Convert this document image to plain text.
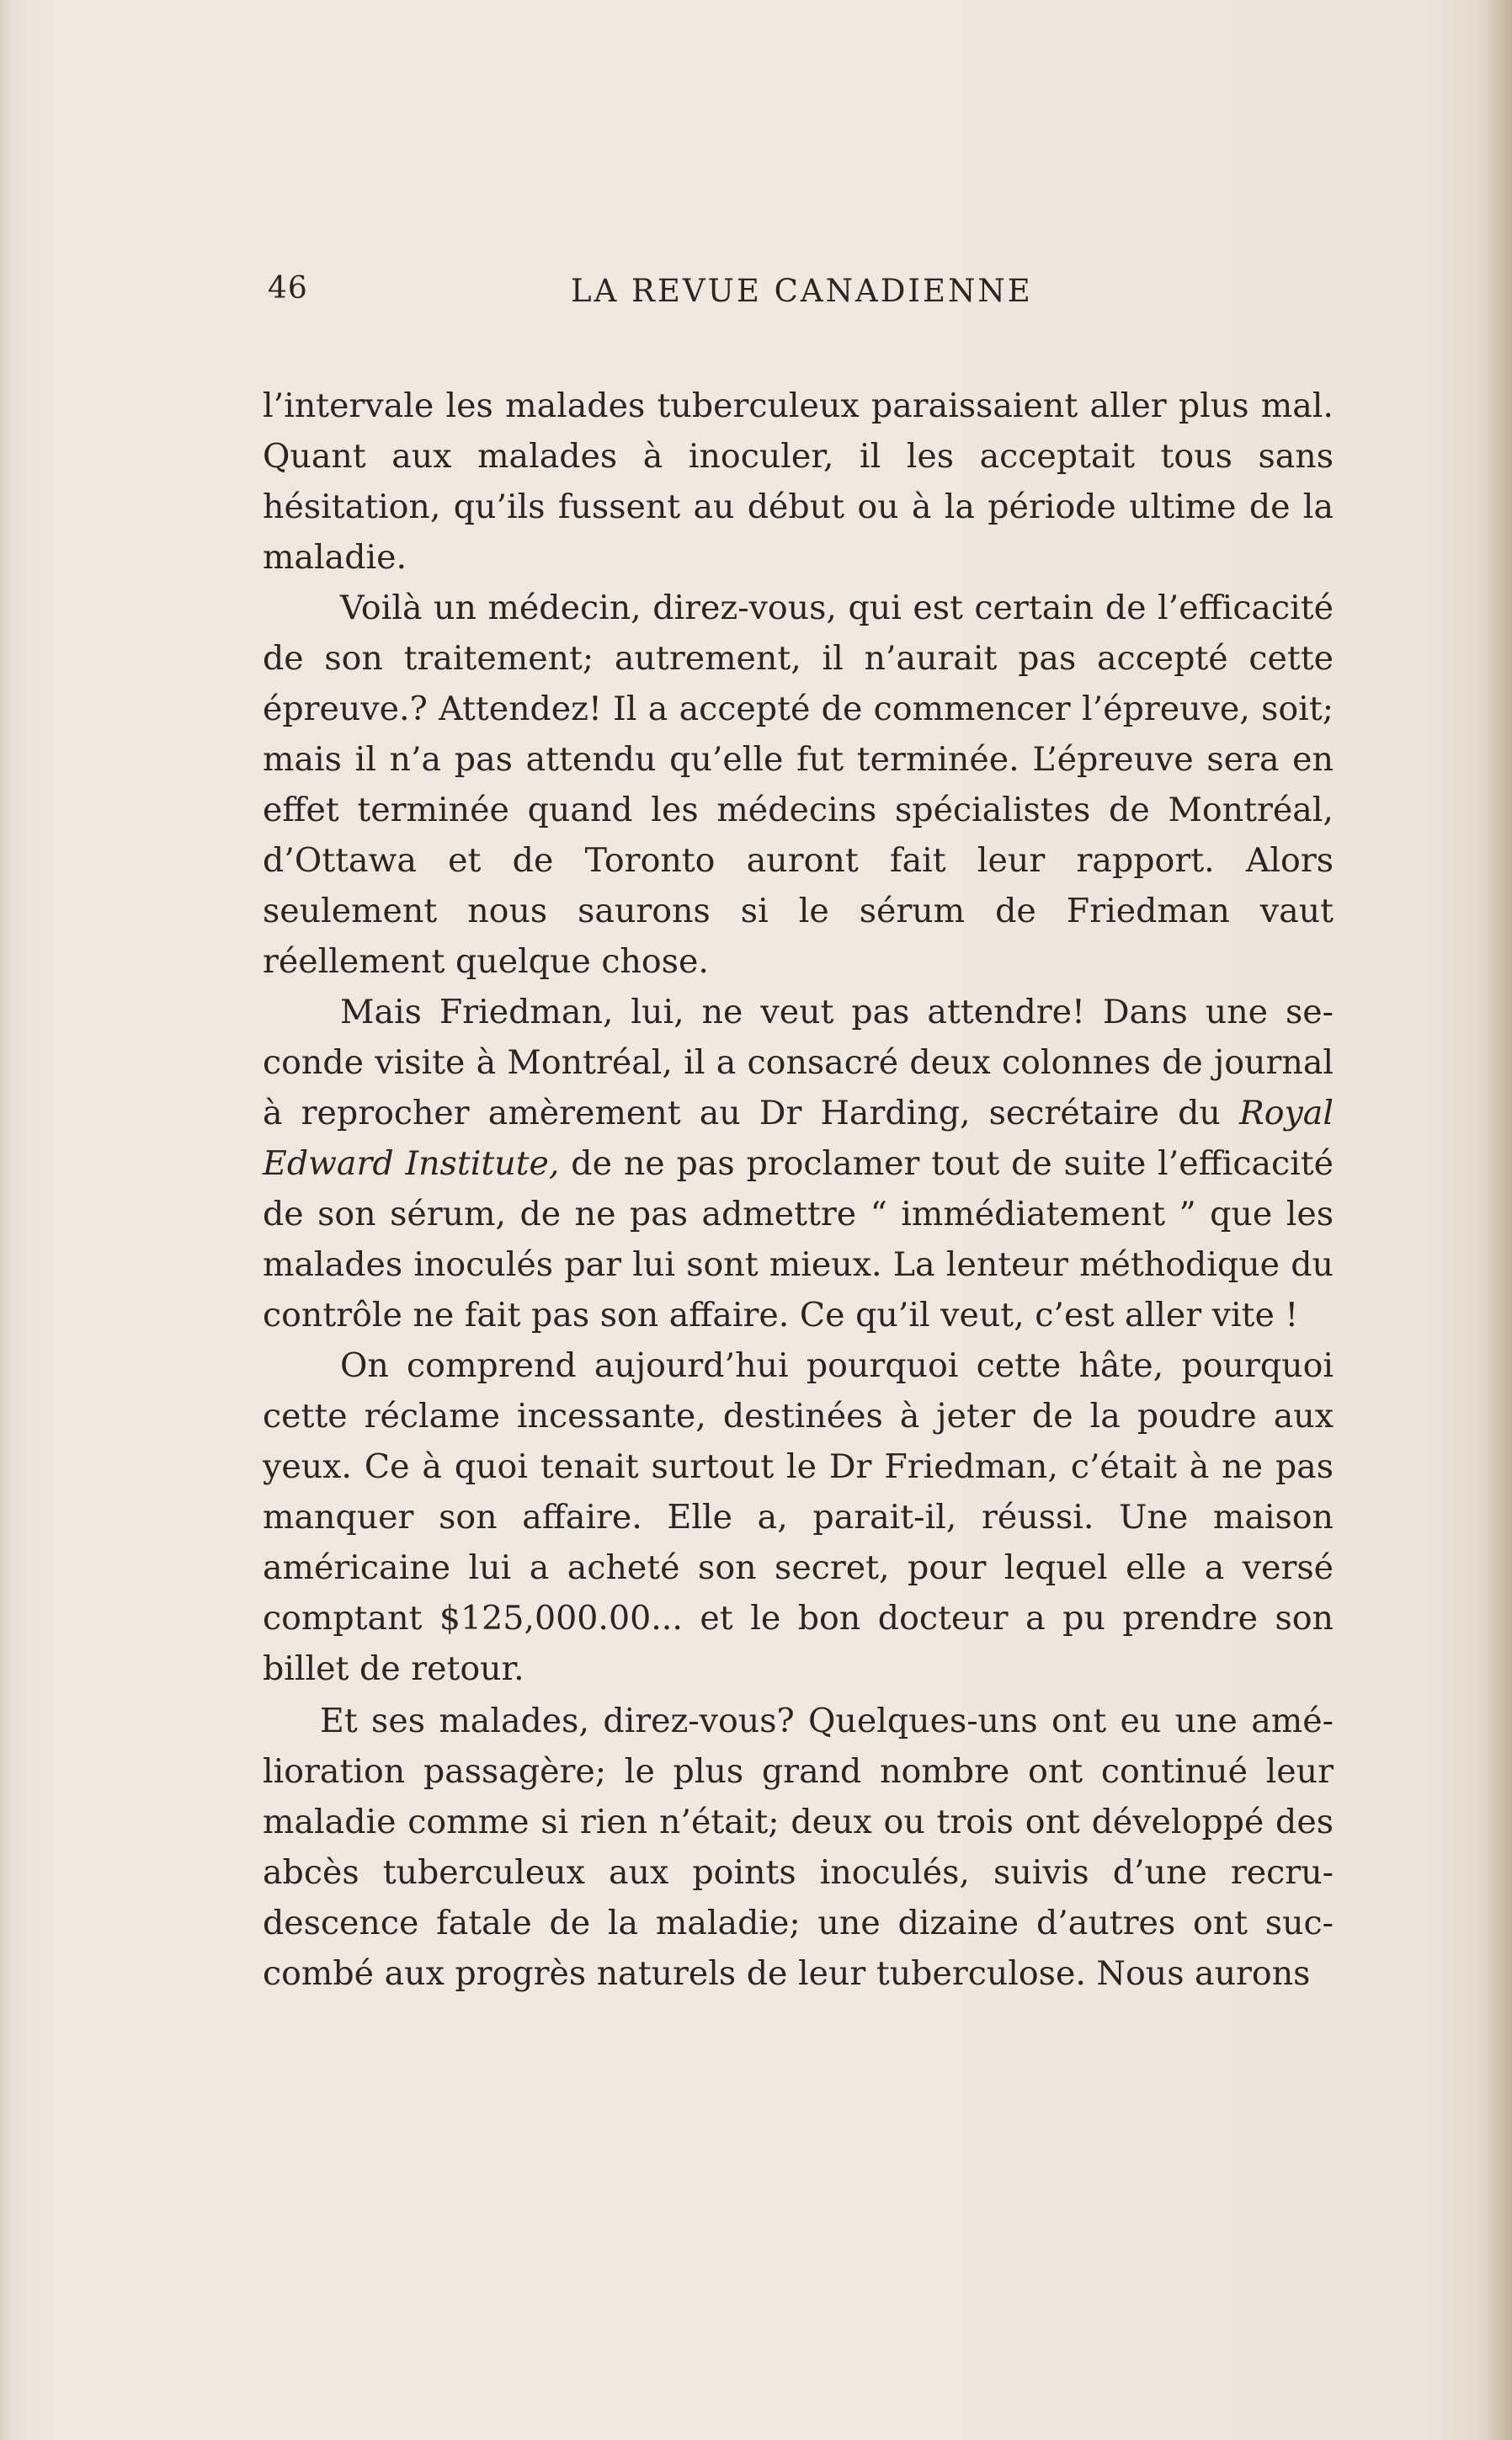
46	LA REVUE CANADIENNE

l’intervale les malades tuberculeux paraissaient aller plus mal. Quant aux malades à inoculer, il les acceptait tous sans hésitation, qu’ils fussent au début ou à la période ultime de la maladie.

Voilà un médecin, direz-vous, qui est certain de l’efficacité de son traitement; autrement, il n’aurait pas accepté cette épreuve.? Attendez! Il a accepté de commencer l’épreuve, soit; mais il n’a pas attendu qu’elle fut terminée. L’épreuve sera en effet terminée quand les médecins spécialistes de Montréal, d’Ottawa et de Toronto auront fait leur rapport. Alors seulement nous saurons si le sérum de Friedman vaut réellement quelque chose.

Mais Friedman, lui, ne veut pas attendre! Dans une seconde visite à Montréal, il a consacré deux colonnes de journal à reprocher amèrement au Dr Harding, secrétaire du Royal Edward Institute, de ne pas proclamer tout de suite l’efficacité de son sérum, de ne pas admettre “ immédiatement ” que les malades inoculés par lui sont mieux. La lenteur méthodique du contrôle ne fait pas son affaire. Ce qu’il veut, c’est aller vite !

On comprend aujourd’hui pourquoi cette hâte, pourquoi cette réclame incessante, destinées à jeter de la poudre aux yeux. Ce à quoi tenait surtout le Dr Friedman, c’était à ne pas manquer son affaire. Elle a, parait-il, réussi. Une maison américaine lui a acheté son secret, pour lequel elle a versé comptant $125,000.00... et le bon docteur a pu prendre son billet de retour.

Et ses malades, direz-vous? Quelques-uns ont eu une amélioration passagère; le plus grand nombre ont continué leur maladie comme si rien n’était; deux ou trois ont développé des abcès tuberculeux aux points inoculés, suivis d’une recrudescence fatale de la maladie; une dizaine d’autres ont succombé aux progrès naturels de leur tuberculose. Nous aurons
